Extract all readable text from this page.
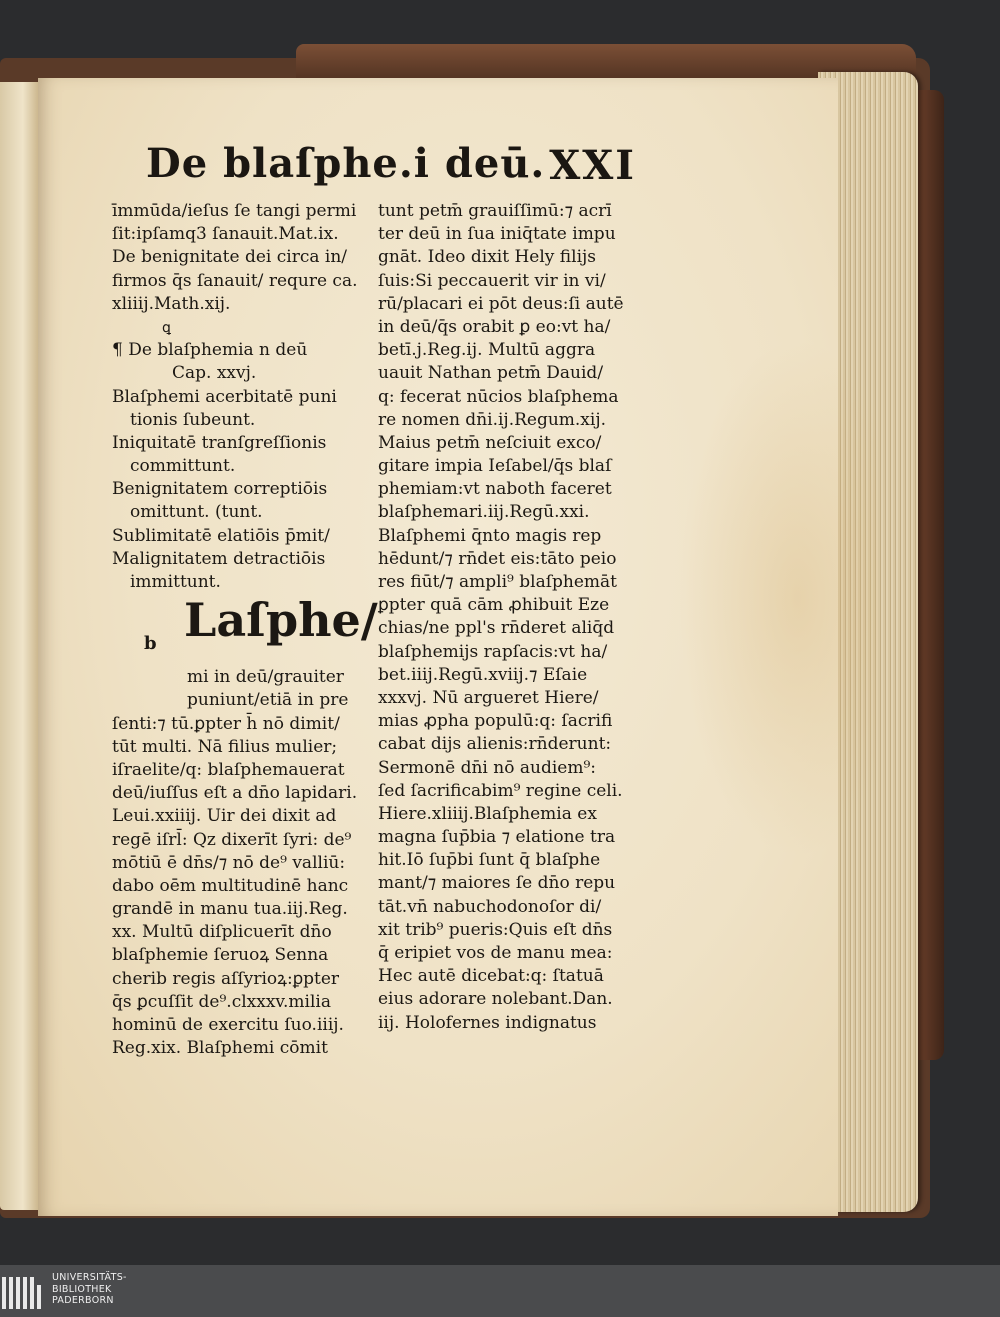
De blaſphe.i deū. XXI
īmmūda/ieſus ſe tangi permi
ſit:ipſamq3 ſanauit.Mat.ix.
De benignitate dei circa in/
firmos q̄s ſanauit/ requre ca.
xliiij.Math.xij.
ꝗ
¶ De blaſphemia n deū
Cap. xxvj.
Blaſphemi acerbitatē puni
tionis ſubeunt.
Iniquitatē tranſgreſſionis
committunt.
Benignitatem correptiōis
omittunt. (tunt.
Sublimitatē elatiōis p̄mit/
Malignitatem detractiōis
immittunt.
Laſphe/
b
mi in deū/grauiter
puniunt/etiā in pre
ſenti:⁊ tū.ꝑpter h̄ nō dimit/
tūt multi. Nā filius mulier;
iſraelite/q: blaſphemauerat
deū/iuſſus eſt a dn̄o lapidari.
Leui.xxiiij. Uir dei dixit ad
regē iſrl̄: Qz dixerīt ſyri: de⁹
mōtiū ē dn̄s/⁊ nō de⁹ valliū:
dabo oēm multitudinē hanc
grandē in manu tua.iij.Reg.
xx. Multū diſplicuerīt dn̄o
blaſphemie ſeruoꝝ Senna
cherib regis aſſyrioꝝ:ꝑpter
q̄s ꝑcuſſit de⁹.clxxxv.milia
hominū de exercitu ſuo.iiij.
Reg.xix. Blaſphemi cōmit
tunt petm̄ grauiſſimū:⁊ acrī
ter deū in ſua iniq̄tate impu
gnāt. Ideo dixit Hely filijs
ſuis:Si peccauerit vir in vi/
rū/placari ei pōt deus:ſi autē
in deū/q̄s orabit ꝑ eo:vt ha/
betī.j.Reg.ij. Multū aggra
uauit Nathan petm̄ Dauid/
q: fecerat nūcios blaſphema
re nomen dn̄i.ij.Regum.xij.
Maius petm̄ neſciuit exco/
gitare impia Ieſabel/q̄s blaſ
phemiam:vt naboth faceret
blaſphemari.iij.Regū.xxi.
Blaſphemi q̄nto magis rep
hēdunt/⁊ rn̄det eis:tāto peio
res fiūt/⁊ ampli⁹ blaſphemāt
ꝑpter quā cām ꝓhibuit Eze
chias/ne ppl's rn̄deret aliq̄d
blaſphemijs rapſacis:vt ha/
bet.iiij.Regū.xviij.⁊ Eſaie
xxxvj. Nū argueret Hiere/
mias ꝓpha populū:q: ſacrifi
cabat dijs alienis:rn̄derunt:
Sermonē dn̄i nō audiem⁹:
ſed ſacrificabim⁹ regine celi.
Hiere.xliiij.Blaſphemia ex
magna ſup̄bia ⁊ elatione tra
hit.Iō ſup̄bi ſunt q̄ blaſphe
mant/⁊ maiores ſe dn̄o repu
tāt.vn̄ nabuchodonoſor di/
xit trib⁹ pueris:Quis eſt dn̄s
q̄ eripiet vos de manu mea:
Hec autē dicebat:q: ſtatuā
eius adorare nolebant.Dan.
iij. Holofernes indignatus
UNIVERSITÄTS-
BIBLIOTHEK
PADERBORN
